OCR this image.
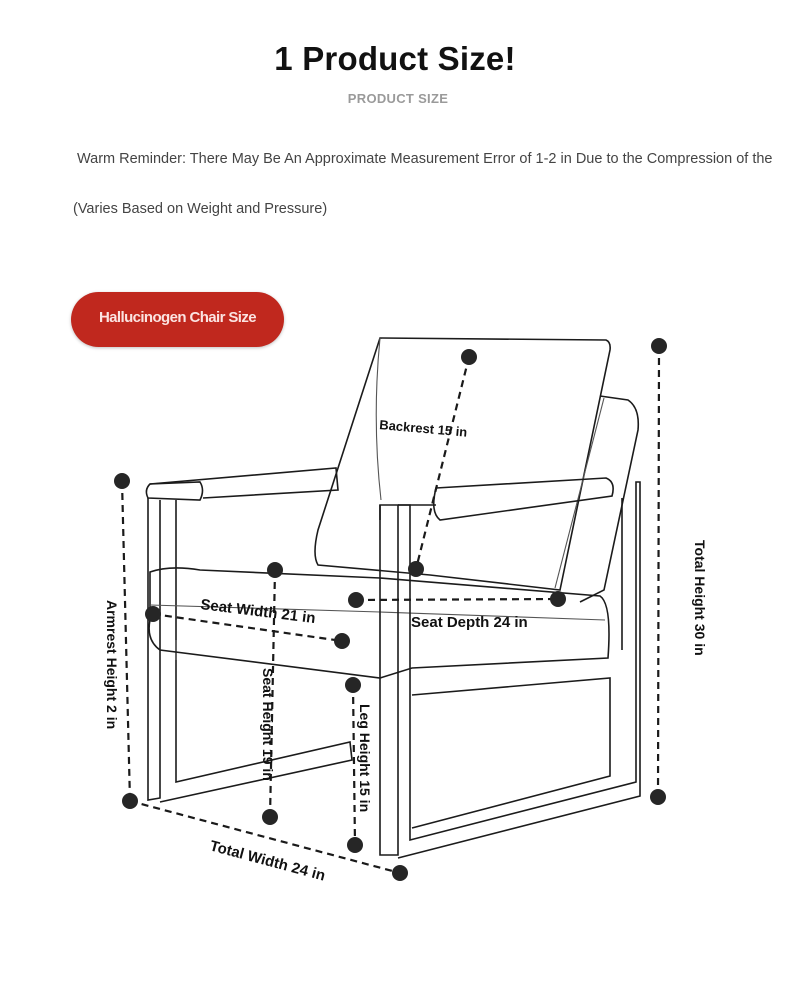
1 Product Size!
PRODUCT SIZE
Warm Reminder: There May Be An Approximate Measurement Error of 1-2 in Due to the Compression of the
(Varies Based on Weight and Pressure)
Hallucinogen Chair Size
Backrest 15 in
Seat Width 21 in	Seat Depth 24 in	Total Height 30 in
Armrest Height 2 in	Seat Height 19 in	Leg Height 15 in
Total Width 24 in
